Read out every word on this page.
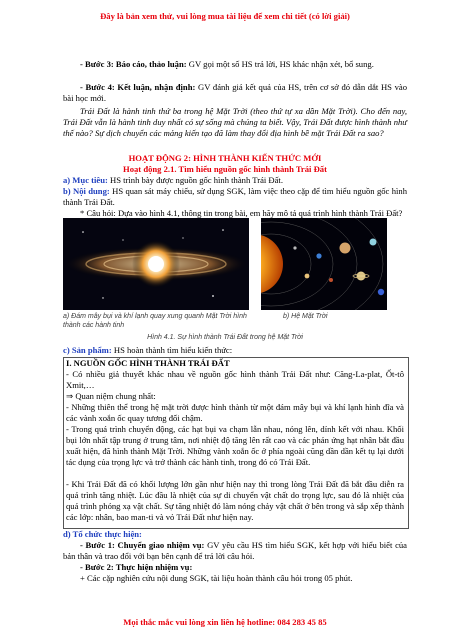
Đây là bản xem thử, vui lòng mua tài liệu để xem chi tiết (có lời giải)
- Bước 3: Báo cáo, thảo luận: GV gọi một số HS trả lời, HS khác nhận xét, bổ sung.
- Bước 4: Kết luận, nhận định: GV đánh giá kết quả của HS, trên cơ sở đó dẫn dắt HS vào bài học mới.
Trái Đất là hành tinh thứ ba trong hệ Mặt Trời (theo thứ tự xa dần Mặt Trời). Cho đến nay, Trái Đất vẫn là hành tinh duy nhất có sự sống mà chúng ta biết. Vậy, Trái Đất được hình thành như thế nào? Sự dịch chuyển các mảng kiến tạo đã làm thay đổi địa hình bề mặt Trái Đất ra sao?
HOẠT ĐỘNG 2: HÌNH THÀNH KIẾN THỨC MỚI
Hoạt động 2.1. Tìm hiểu nguồn gốc hình thành Trái Đất
a) Mục tiêu: HS trình bày được nguồn gốc hình thành Trái Đất.
b) Nội dung: HS quan sát máy chiếu, sử dụng SGK, làm việc theo cặp để tìm hiểu nguồn gốc hình thành Trái Đất.
* Câu hỏi: Dựa vào hình 4.1, thông tin trong bài, em hãy mô tả quá trình hình thành Trái Đất?
a) Đám mây bụi và khí lạnh quay xung quanh Mặt Trời hình thành các hành tinh
b) Hệ Mặt Trời
Hình 4.1. Sự hình thành Trái Đất trong hệ Mặt Trời
c) Sản phẩm: HS hoàn thành tìm hiểu kiến thức:
I. NGUỒN GỐC HÌNH THÀNH TRÁI ĐẤT
- Có nhiều giả thuyết khác nhau về nguồn gốc hình thành Trái Đất như: Căng-La-plat, Ốt-tô Xmit,…
⇒ Quan niệm chung nhất:
- Những thiên thể trong hệ mặt trời được hình thành từ một đám mây bụi và khí lạnh hình đĩa và các vành xoắn ốc quay tương đối chậm.
- Trong quá trình chuyển động, các hạt bụi va chạm lẫn nhau, nóng lên, dính kết với nhau. Khối bụi lớn nhất tập trung ở trung tâm, nơi nhiệt độ tăng lên rất cao và các phản ứng hạt nhân bắt đầu xuất hiện, đã hình thành Mặt Trời. Những vành xoắn ốc ở phía ngoài cũng dần dần kết tụ lại dưới tác dụng của trọng lực và trở thành các hành tinh, trong đó có Trái Đất.
- Khi Trái Đất đã có khối lượng lớn gần như hiện nay thì trong lòng Trái Đất đã bắt đầu diễn ra quá trình tăng nhiệt. Lúc đầu là nhiệt của sự di chuyển vật chất do trọng lực, sau đó là nhiệt của quá trình phóng xạ vật chất. Sự tăng nhiệt đó làm nóng chảy vật chất ở bên trong và sắp xếp thành các lớp: nhân, bao man-ti và vỏ Trái Đất như hiện nay.
d) Tổ chức thực hiện:
- Bước 1: Chuyển giao nhiệm vụ: GV yêu cầu HS tìm hiểu SGK, kết hợp với hiểu biết của bản thân và trao đổi với bạn bên cạnh để trả lời câu hỏi.
- Bước 2: Thực hiện nhiệm vụ:
+ Các cặp nghiên cứu nội dung SGK, tài liệu hoàn thành câu hỏi trong 05 phút.
Mọi thắc mắc vui lòng xin liên hệ hotline: 084 283 45 85
